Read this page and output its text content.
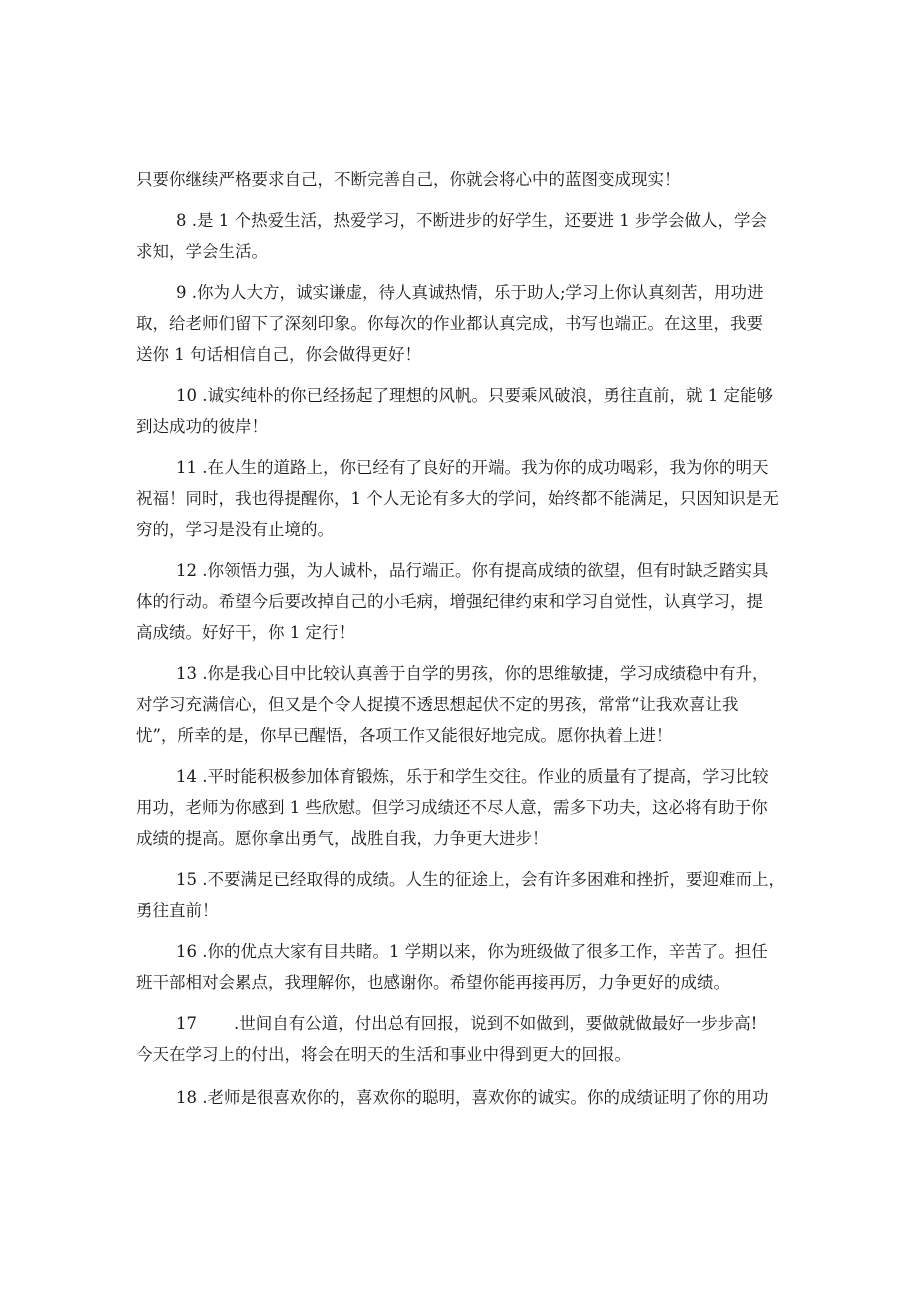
只要你继续严格要求自己，不断完善自己，你就会将心中的蓝图变成现实！
8 .是 1 个热爱生活，热爱学习，不断进步的好学生，还要进 1 步学会做人，学会
求知，学会生活。
9 .你为人大方，诚实谦虚，待人真诚热情，乐于助人;学习上你认真刻苦，用功进
取，给老师们留下了深刻印象。你每次的作业都认真完成，书写也端正。在这里，我要
送你 1 句话相信自己，你会做得更好！
10 .诚实纯朴的你已经扬起了理想的风帆。只要乘风破浪，勇往直前，就 1 定能够
到达成功的彼岸！
11 .在人生的道路上，你已经有了良好的开端。我为你的成功喝彩，我为你的明天
祝福！同时，我也得提醒你，1 个人无论有多大的学问，始终都不能满足，只因知识是无
穷的，学习是没有止境的。
12 .你领悟力强，为人诚朴，品行端正。你有提高成绩的欲望，但有时缺乏踏实具
体的行动。希望今后要改掉自己的小毛病，增强纪律约束和学习自觉性，认真学习，提
高成绩。好好干，你 1 定行！
13 .你是我心目中比较认真善于自学的男孩，你的思维敏捷，学习成绩稳中有升，
对学习充满信心，但又是个令人捉摸不透思想起伏不定的男孩，常常“让我欢喜让我
忧”，所幸的是，你早已醒悟，各项工作又能很好地完成。愿你执着上进！
14 .平时能积极参加体育锻炼，乐于和学生交往。作业的质量有了提高，学习比较
用功，老师为你感到 1 些欣慰。但学习成绩还不尽人意，需多下功夫，这必将有助于你
成绩的提高。愿你拿出勇气，战胜自我，力争更大进步！
15 .不要满足已经取得的成绩。人生的征途上，会有许多困难和挫折，要迎难而上，
勇往直前！
16 .你的优点大家有目共睹。1 学期以来，你为班级做了很多工作，辛苦了。担任
班干部相对会累点，我理解你，也感谢你。希望你能再接再厉，力争更好的成绩。
17 .世间自有公道，付出总有回报，说到不如做到，要做就做最好一步步高!
今天在学习上的付出，将会在明天的生活和事业中得到更大的回报。
18 .老师是很喜欢你的，喜欢你的聪明，喜欢你的诚实。你的成绩证明了你的用功
